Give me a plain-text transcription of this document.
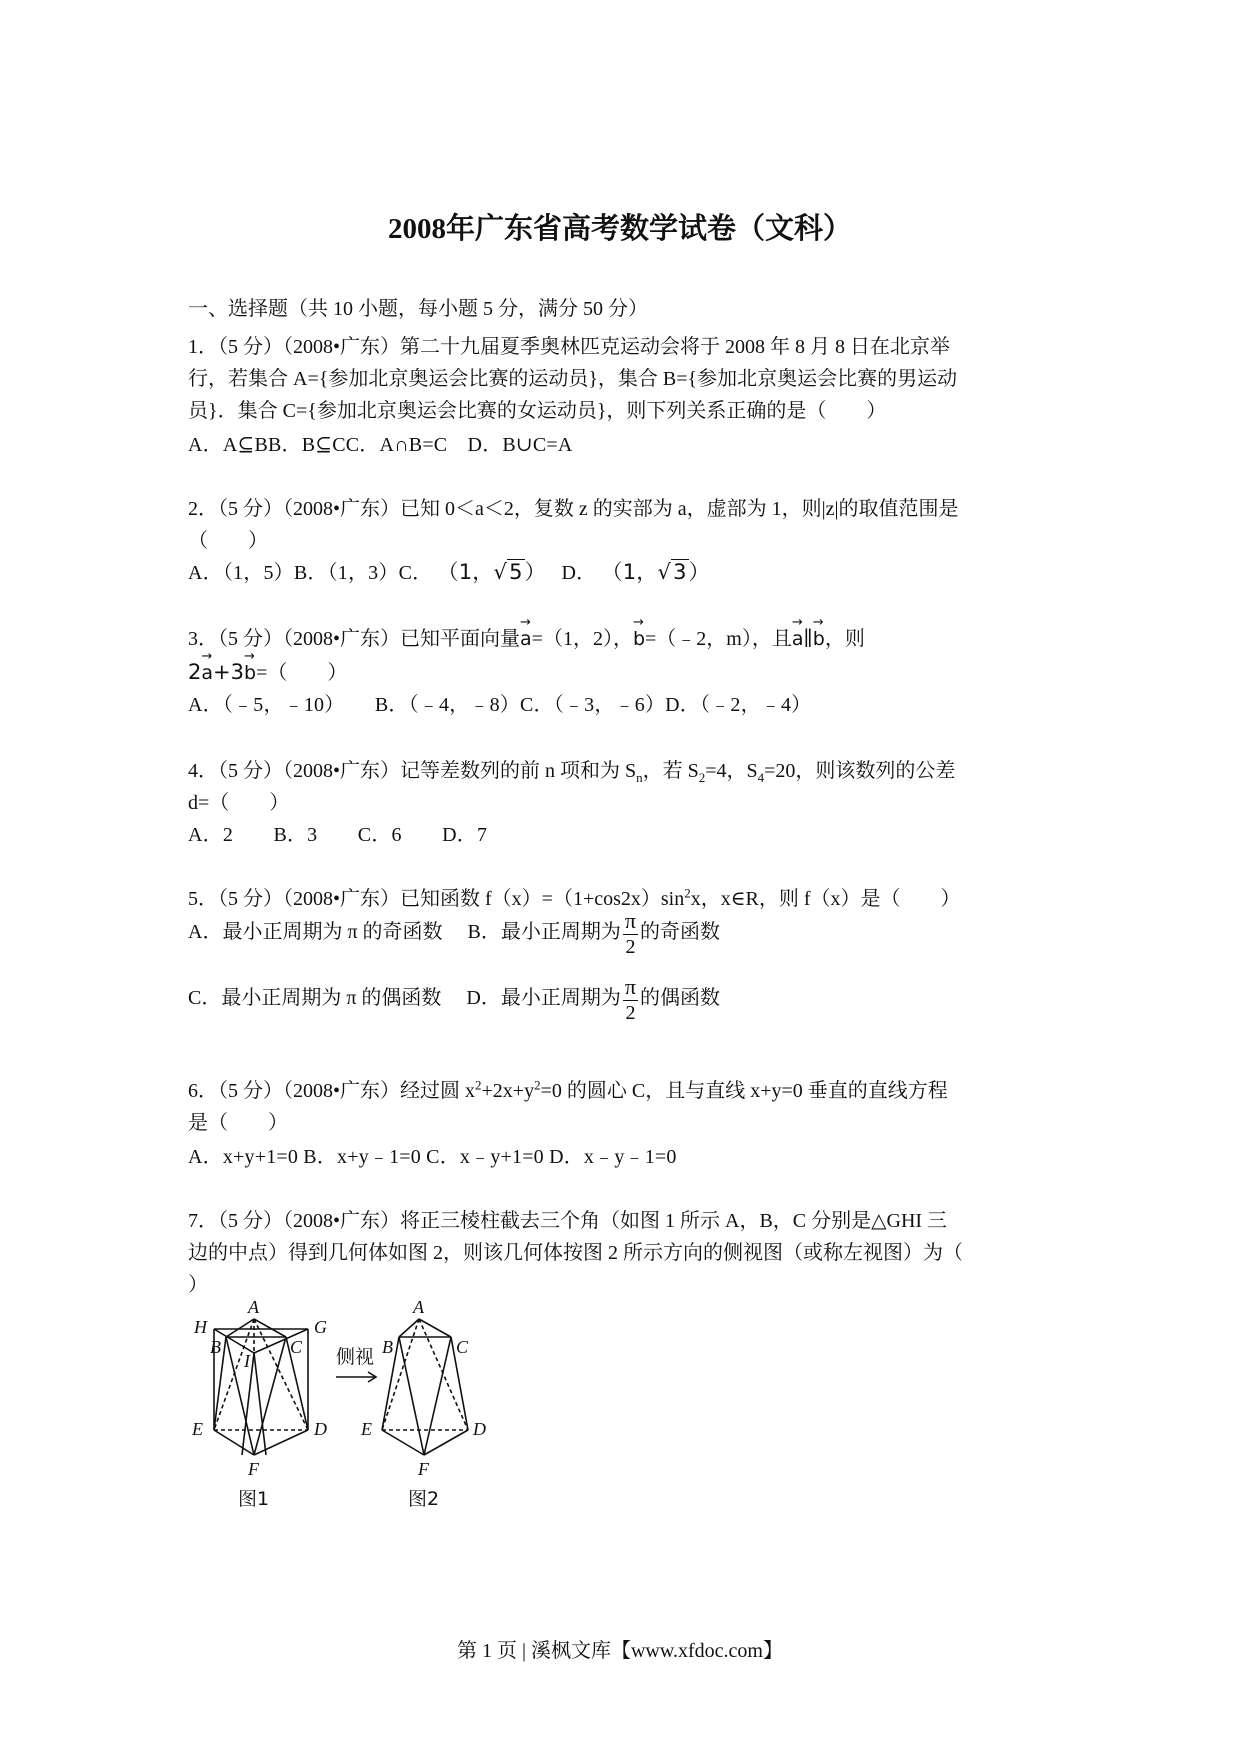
2008年广东省高考数学试卷（文科）
一、选择题（共 10 小题，每小题 5 分，满分 50 分）
1．（5 分）（2008•广东）第二十九届夏季奥林匹克运动会将于 2008 年 8 月 8 日在北京举
行，若集合 A={参加北京奥运会比赛的运动员}，集合 B={参加北京奥运会比赛的男运动
员}．集合 C={参加北京奥运会比赛的女运动员}，则下列关系正确的是（　　）
A．A⊆BB．B⊆CC．A∩B=C　D．B∪C=A
2．（5 分）（2008•广东）已知 0＜a＜2，复数 z 的实部为 a，虚部为 1，则|z|的取值范围是
（　　）
A．（1，5）B．（1，3）C． （1，√5） D． （1，√3）
3．（5 分）（2008•广东）已知平面向量→ a=（1，2），→ b=（﹣2，m），且→ a∥→ b，则
2→ a+3→ b=（　　）
A．（﹣5，﹣10）　　B．（﹣4，﹣8）C．（﹣3，﹣6）D．（﹣2，﹣4）
4．（5 分）（2008•广东）记等差数列的前 n 项和为 $S_n$，若 $S_2=4$，$S_4=20$，则该数列的公差
d=（　　）
A．2　　B．3　　C．6　　D．7
5．（5 分）（2008•广东）已知函数 $f(x)=(1+\cos 2x)\sin^2x$，x∈R，则 f（x）是（　　）
A．最小正周期为 π 的奇函数　 B．最小正周期为 $\frac{\pi}{2}$ 的奇函数
C．最小正周期为 π 的偶函数　 D．最小正周期为 $\frac{\pi}{2}$ 的偶函数
6．（5 分）（2008•广东）经过圆 $x^2+2x+y^2=0$ 的圆心 C，且与直线 x+y=0 垂直的直线方程
是（　　）
A．x+y+1=0 B．x+y﹣1=0 C．x﹣y+1=0 D．x﹣y﹣1=0
7．（5 分）（2008•广东）将正三棱柱截去三个角（如图 1 所示 A，B，C 分别是△GHI 三
边的中点）得到几何体如图 2，则该几何体按图 2 所示方向的侧视图（或称左视图）为（
）
H
A
G
B	C
I
E	D
F
A
B	C
E	D
F
侧视
图1	图2
第 1 页 | 溪枫文库【www.xfdoc.com】
